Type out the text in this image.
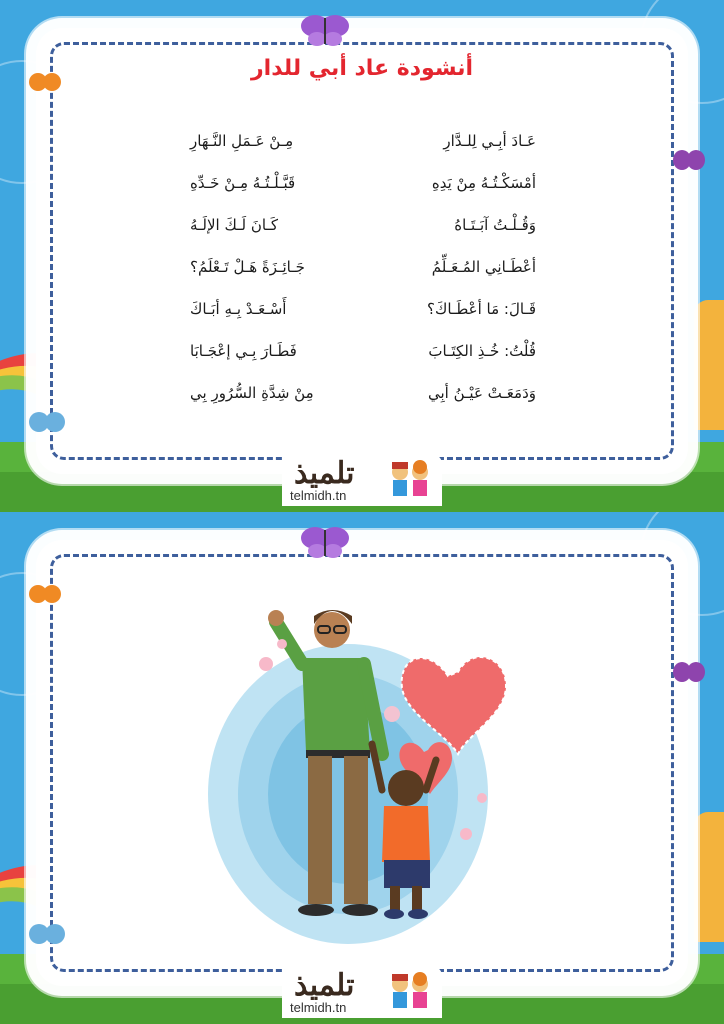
أنشودة عاد أبي للدار
عَـادَ أبِـي لِلـدَّارِ
مِـنْ عَـمَلِ النَّـهَارِ
أمْسَكْـتُـهُ مِنْ يَدِهِ
قَبَّـلْـتُـهُ مِـنْ خَـدِّهِ
وَقُـلْـتُ آبَـتَـاهُ
كَـانَ لَـكَ الإلَـهُ
أعْطَـانِي المُـعَـلِّمُ
جَـائِـزَةً هَـلْ تَـعْلَمُ؟
قَـالَ: مَا أعْطَـاكَ؟
أَسْـعَـدْ بِـهِ أبَـاكَ
قُلْتُ: خُـذِ الكِتَـابَ
فَطَـارَ بِـي إعْجَـابَا
وَدَمَعَـتْ عَيْـنُ أبِي
مِنْ شِدَّةِ السُّرُورِ بِي
تلميذ
telmidh.tn
تلميذ
telmidh.tn
